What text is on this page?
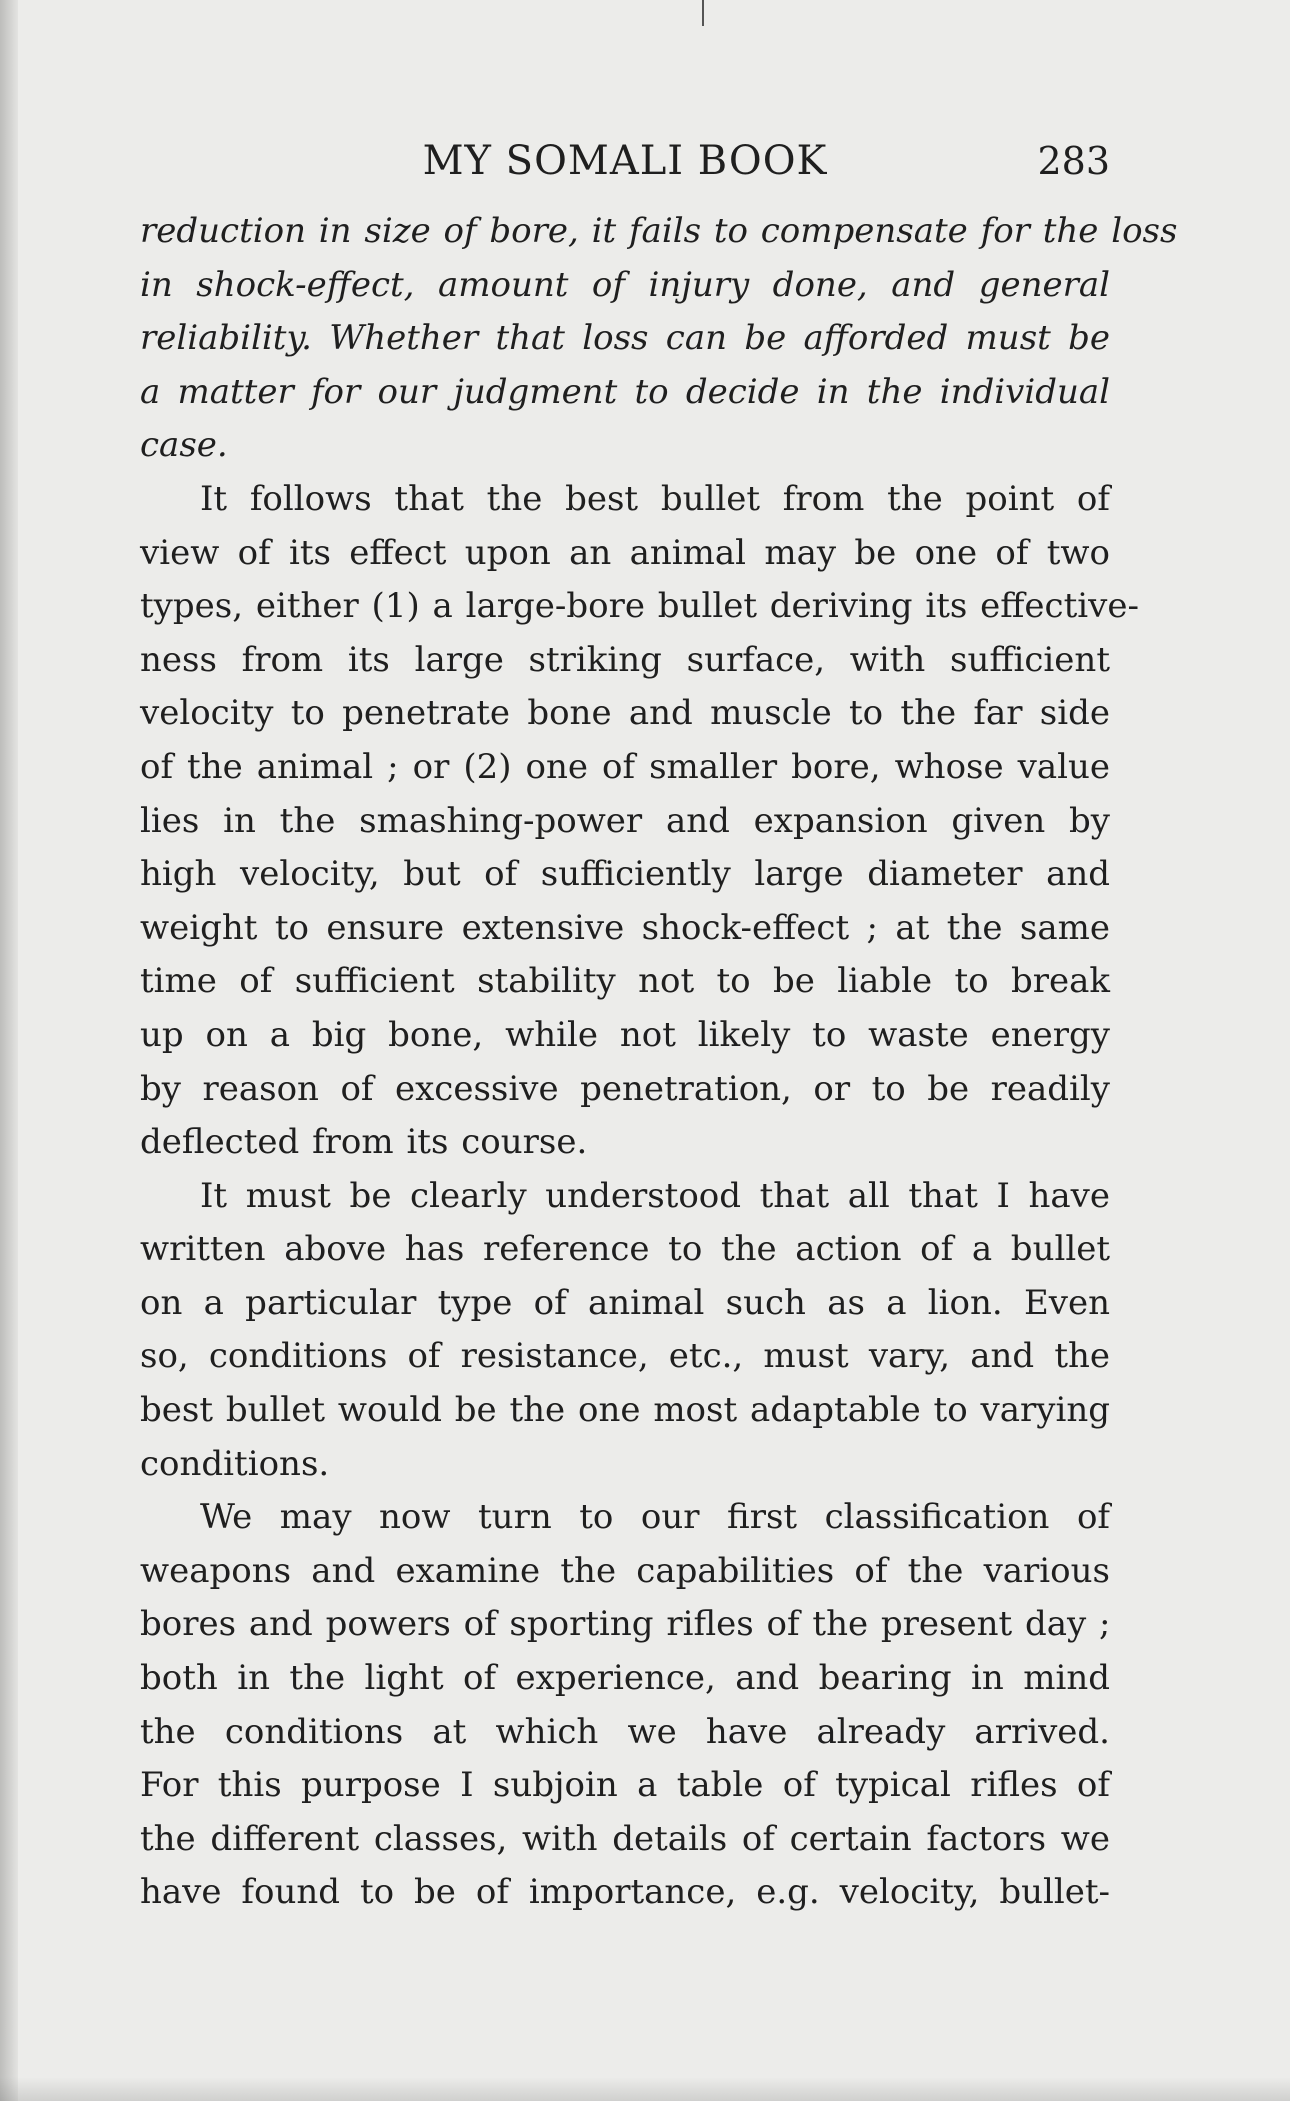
MY SOMALI BOOK	283

reduction in size of bore, it fails to compensate for the loss
in shock-effect, amount of injury done, and general
reliability. Whether that loss can be afforded must be
a matter for our judgment to decide in the individual
case.

It follows that the best bullet from the point of
view of its effect upon an animal may be one of two
types, either (1) a large-bore bullet deriving its effective-
ness from its large striking surface, with sufficient
velocity to penetrate bone and muscle to the far side
of the animal ; or (2) one of smaller bore, whose value
lies in the smashing-power and expansion given by
high velocity, but of sufficiently large diameter and
weight to ensure extensive shock-effect ; at the same
time of sufficient stability not to be liable to break
up on a big bone, while not likely to waste energy
by reason of excessive penetration, or to be readily
deflected from its course.

It must be clearly understood that all that I have
written above has reference to the action of a bullet
on a particular type of animal such as a lion. Even
so, conditions of resistance, etc., must vary, and the
best bullet would be the one most adaptable to varying
conditions.

We may now turn to our first classification of
weapons and examine the capabilities of the various
bores and powers of sporting rifles of the present day ;
both in the light of experience, and bearing in mind
the conditions at which we have already arrived.
For this purpose I subjoin a table of typical rifles of
the different classes, with details of certain factors we
have found to be of importance, e.g. velocity, bullet-
